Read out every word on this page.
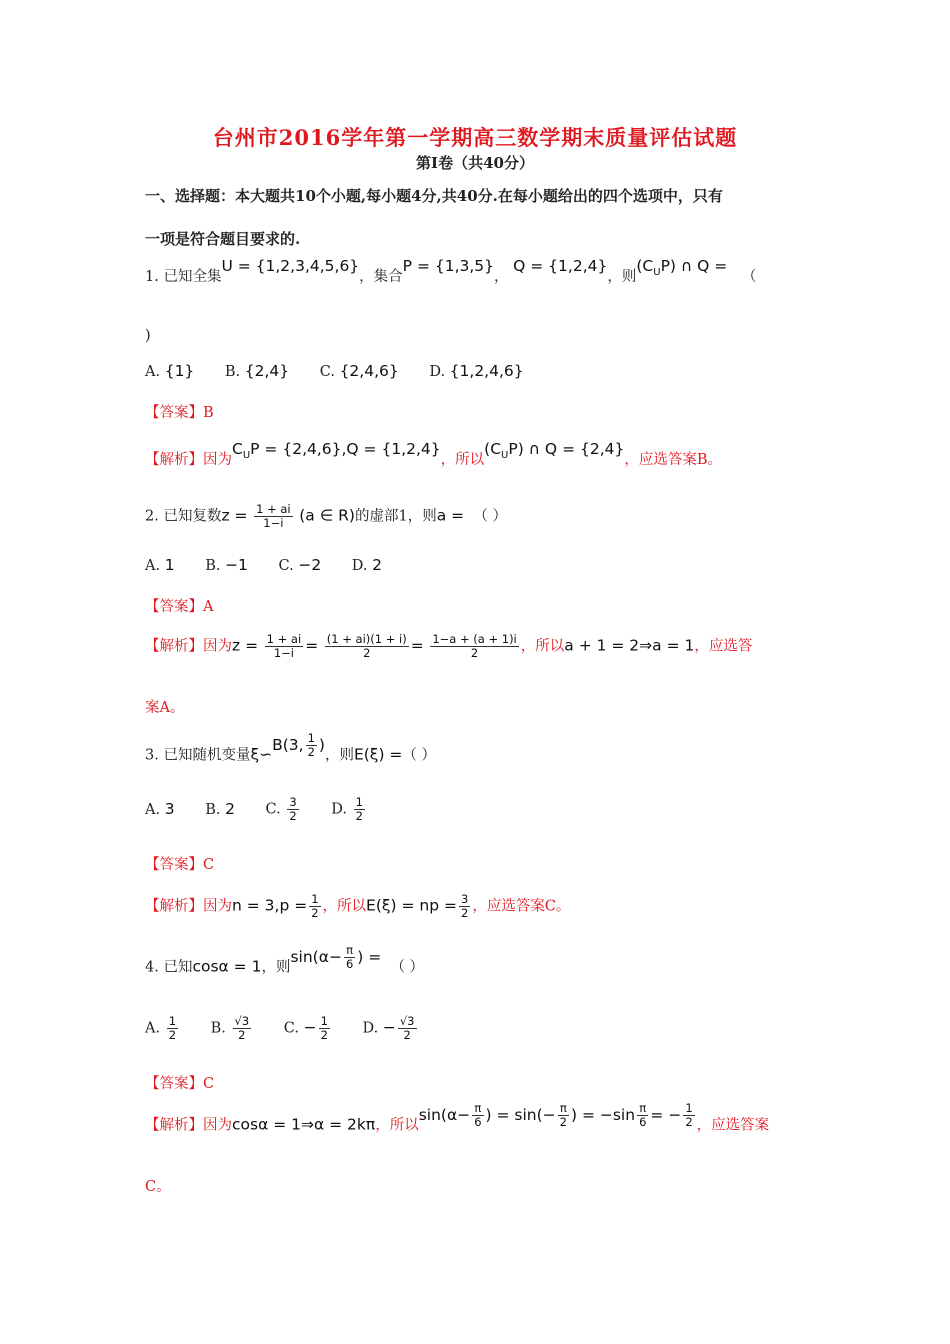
台州市2016学年第一学期高三数学期末质量评估试题
第Ⅰ卷（共40分）
一、选择题：本大题共10个小题,每小题4分,共40分.在每小题给出的四个选项中，只有
一项是符合题目要求的.
1. 已知全集U = {1,2,3,4,5,6}，集合P = {1,3,5}， Q = {1,2,4}，则$(C_UP)$ ∩ Q = （
)
A. {1} B. {2,4} C. {2,4,6} D. {1,2,4,6}
【答案】B
【解析】因为$C_UP = \{2,4,6\},Q = \{1,2,4\}$，所以$(C_UP)$ ∩ Q = {2,4}，应选答案B。
2. 已知复数$z = \frac{1 + ai}{1-i} (a$ ∈ R)的虚部1，则a = （ ）
A. 1 B. −1 C. −2 D. 2
【答案】A
【解析】因为$z = \frac{1 + ai}{1-i} = \frac{(1 + ai)(1 + i)}{2} = \frac{1-a + (a + 1)i}{2}$ ，所以a + 1 = 2⇒a = 1，应选答
案A。
3. 已知随机变量ξ∽B(3, $\frac{1}{2}$ )，则E(ξ) =（ ）
A. 3 B. 2 C. $\frac{3}{2} D$. $\frac{1}{2}$
【答案】C
【解析】因为$n = 3,p = \frac{1}{2}$ ，所以E(ξ) = np = $\frac{3}{2}$ ，应选答案C。
4. 已知cosα = 1，则$\sin(\alpha- \frac{\pi}{6}$ ) =  （ ）
A. $\frac{1}{2} B$. $\frac{√3}{2} C$. − $\frac{1}{2} D$. − $\frac{√3}{2}$
【答案】C
【解析】因为cosα = 1⇒α = 2kπ，所以$\sin(\alpha- \frac{\pi}{6}$ ) = $\sin(- \frac{\pi}{2}$ ) = $-\sin \frac{\pi}{6}$ = − $\frac{1}{2}$ ，应选答案
C。
